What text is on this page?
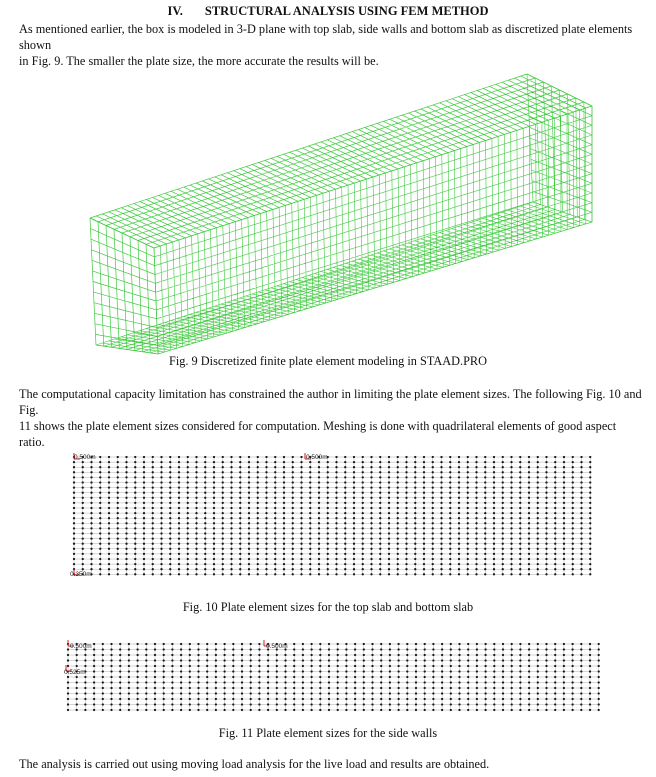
IV. STRUCTURAL ANALYSIS USING FEM METHOD
As mentioned earlier, the box is modeled in 3-D plane with top slab, side walls and bottom slab as discretized plate elements shown
in Fig. 9. The smaller the plate size, the more accurate the results will be.
Fig. 9 Discretized finite plate element modeling in STAAD.PRO
The computational capacity limitation has constrained the author in limiting the plate element sizes. The following Fig. 10 and Fig.
11 shows the plate element sizes considered for computation. Meshing is done with quadrilateral elements of good aspect ratio.
0.500m	0.500m
0.350m
Fig. 10 Plate element sizes for the top slab and bottom slab
0.500m	0.500m
0.525m
Fig. 11 Plate element sizes for the side walls
The analysis is carried out using moving load analysis for the live load and results are obtained.
